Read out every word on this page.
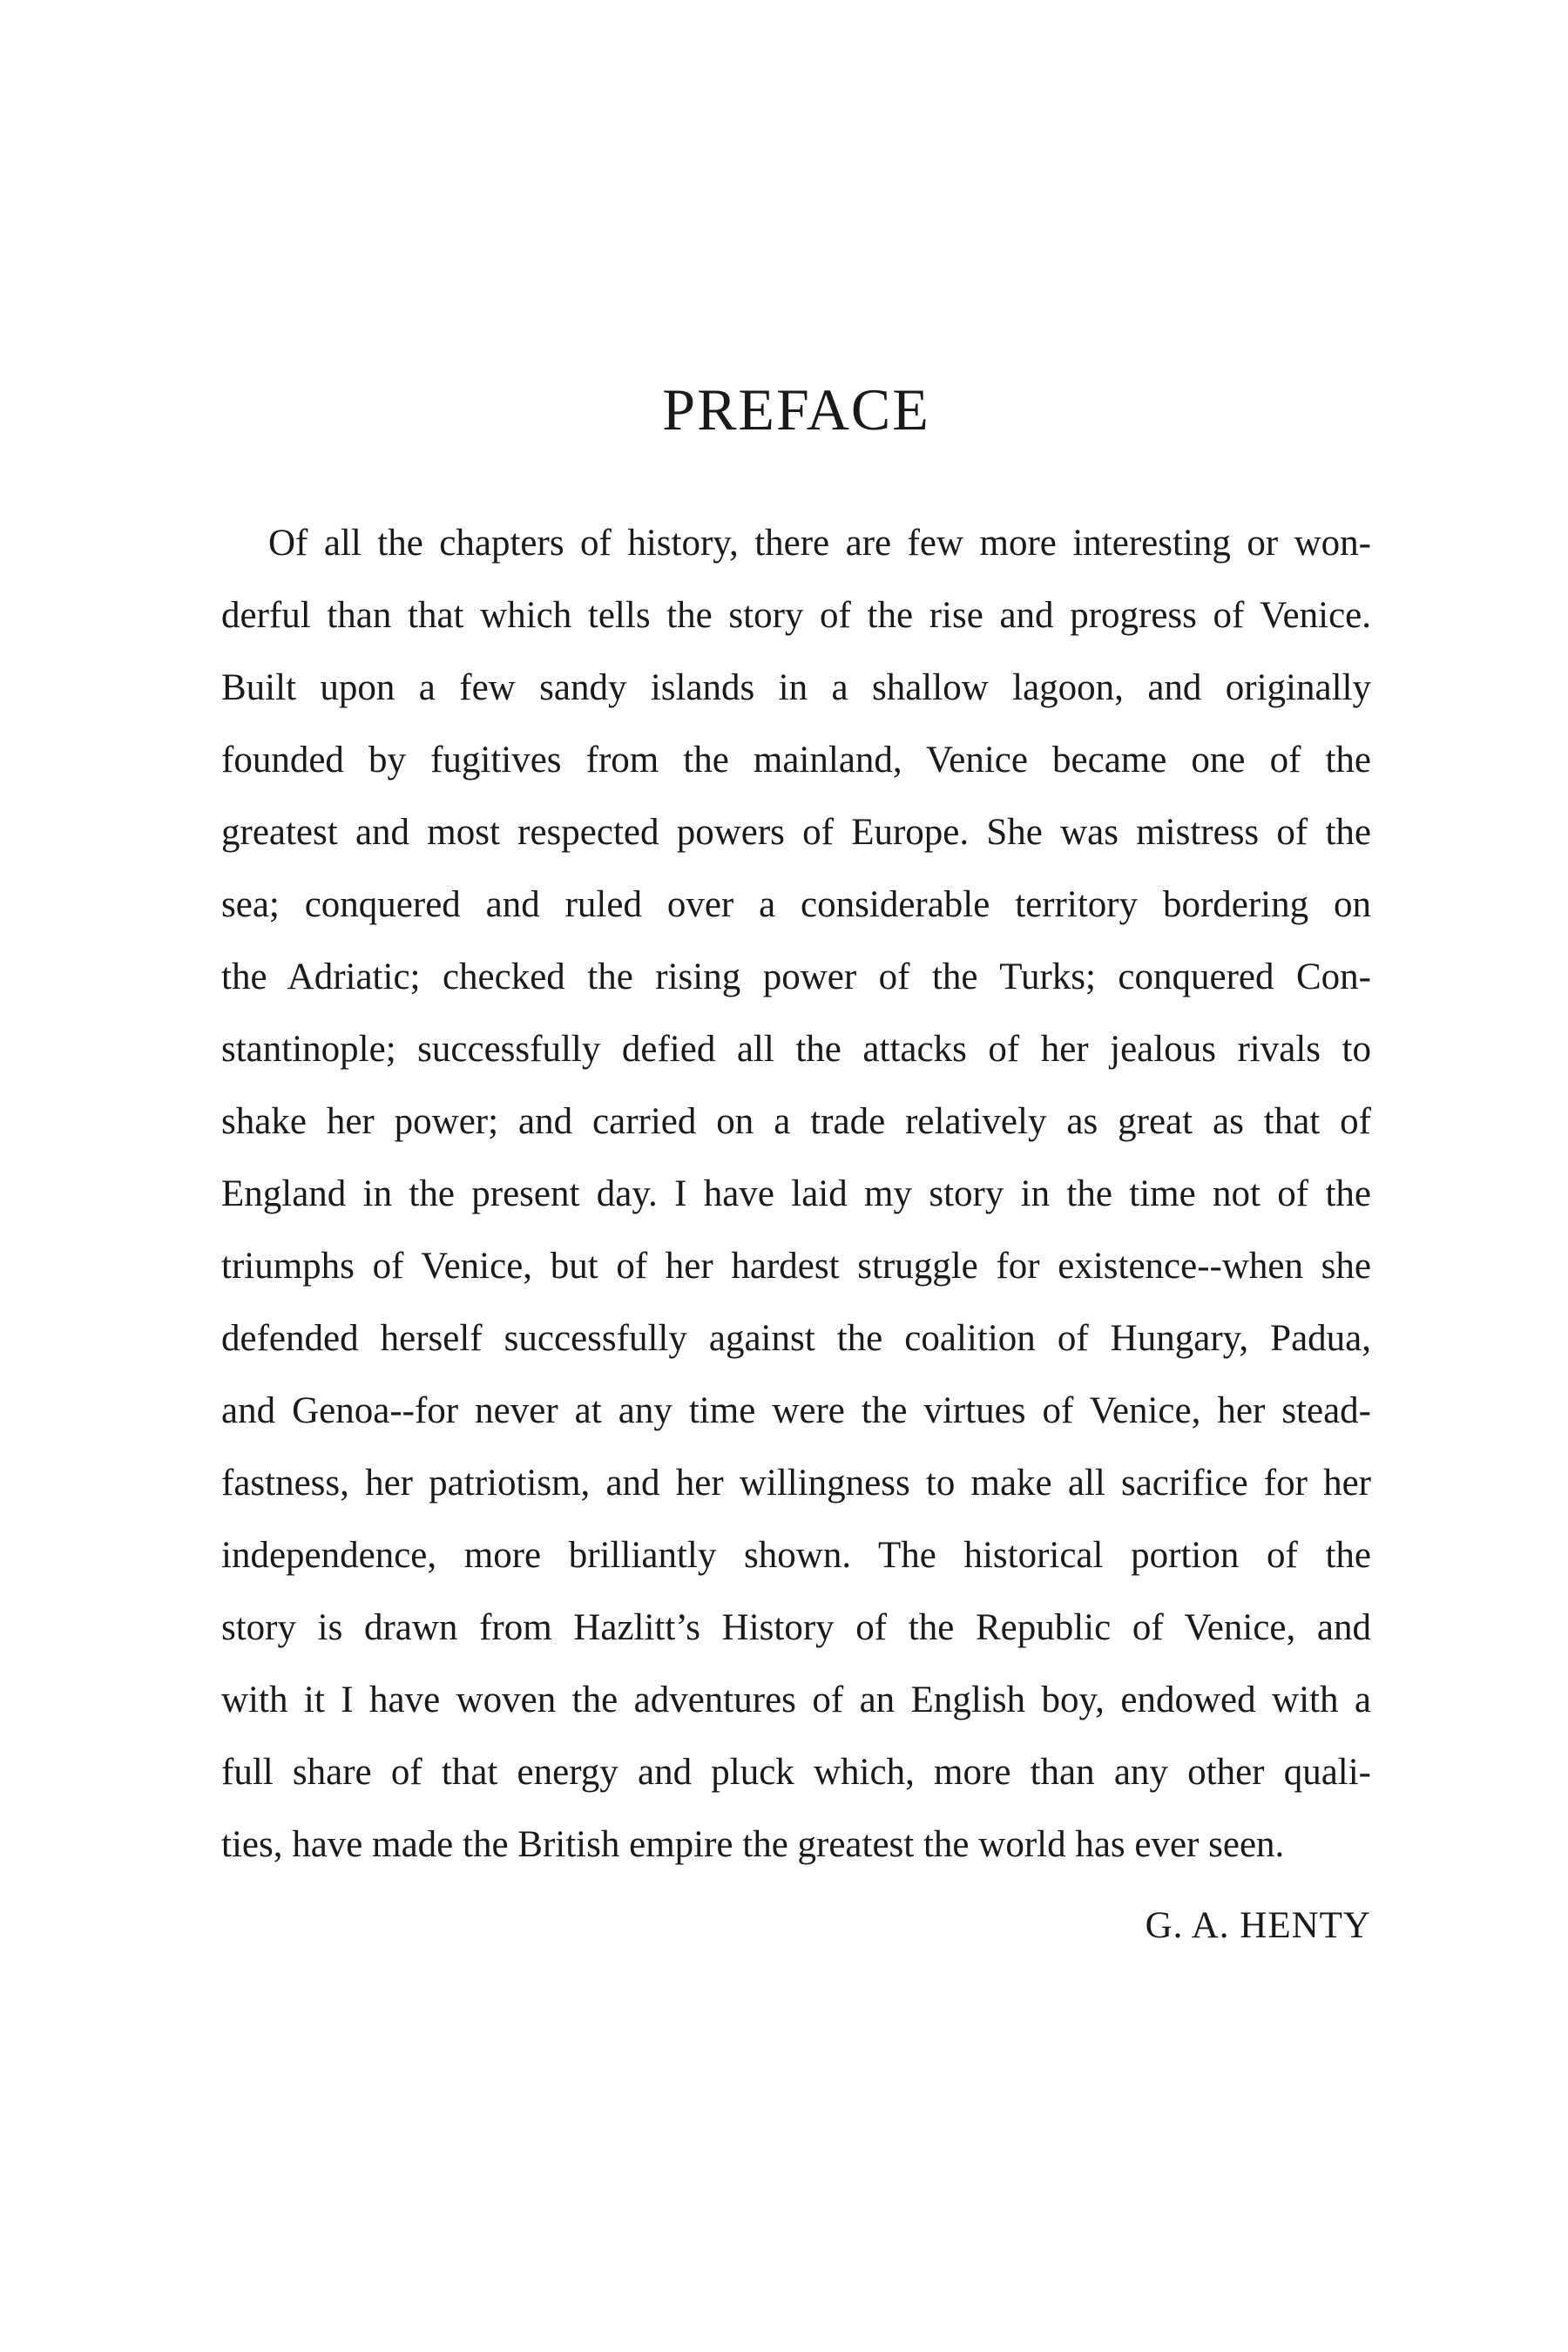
PREFACE
Of all the chapters of history, there are few more interesting or won-
derful than that which tells the story of the rise and progress of Venice.
Built upon a few sandy islands in a shallow lagoon, and originally
founded by fugitives from the mainland, Venice became one of the
greatest and most respected powers of Europe. She was mistress of the
sea; conquered and ruled over a considerable territory bordering on
the Adriatic; checked the rising power of the Turks; conquered Con-
stantinople; successfully defied all the attacks of her jealous rivals to
shake her power; and carried on a trade relatively as great as that of
England in the present day. I have laid my story in the time not of the
triumphs of Venice, but of her hardest struggle for existence--when she
defended herself successfully against the coalition of Hungary, Padua,
and Genoa--for never at any time were the virtues of Venice, her stead-
fastness, her patriotism, and her willingness to make all sacrifice for her
independence, more brilliantly shown. The historical portion of the
story is drawn from Hazlitt’s History of the Republic of Venice, and
with it I have woven the adventures of an English boy, endowed with a
full share of that energy and pluck which, more than any other quali-
ties, have made the British empire the greatest the world has ever seen.
G. A. HENTY
